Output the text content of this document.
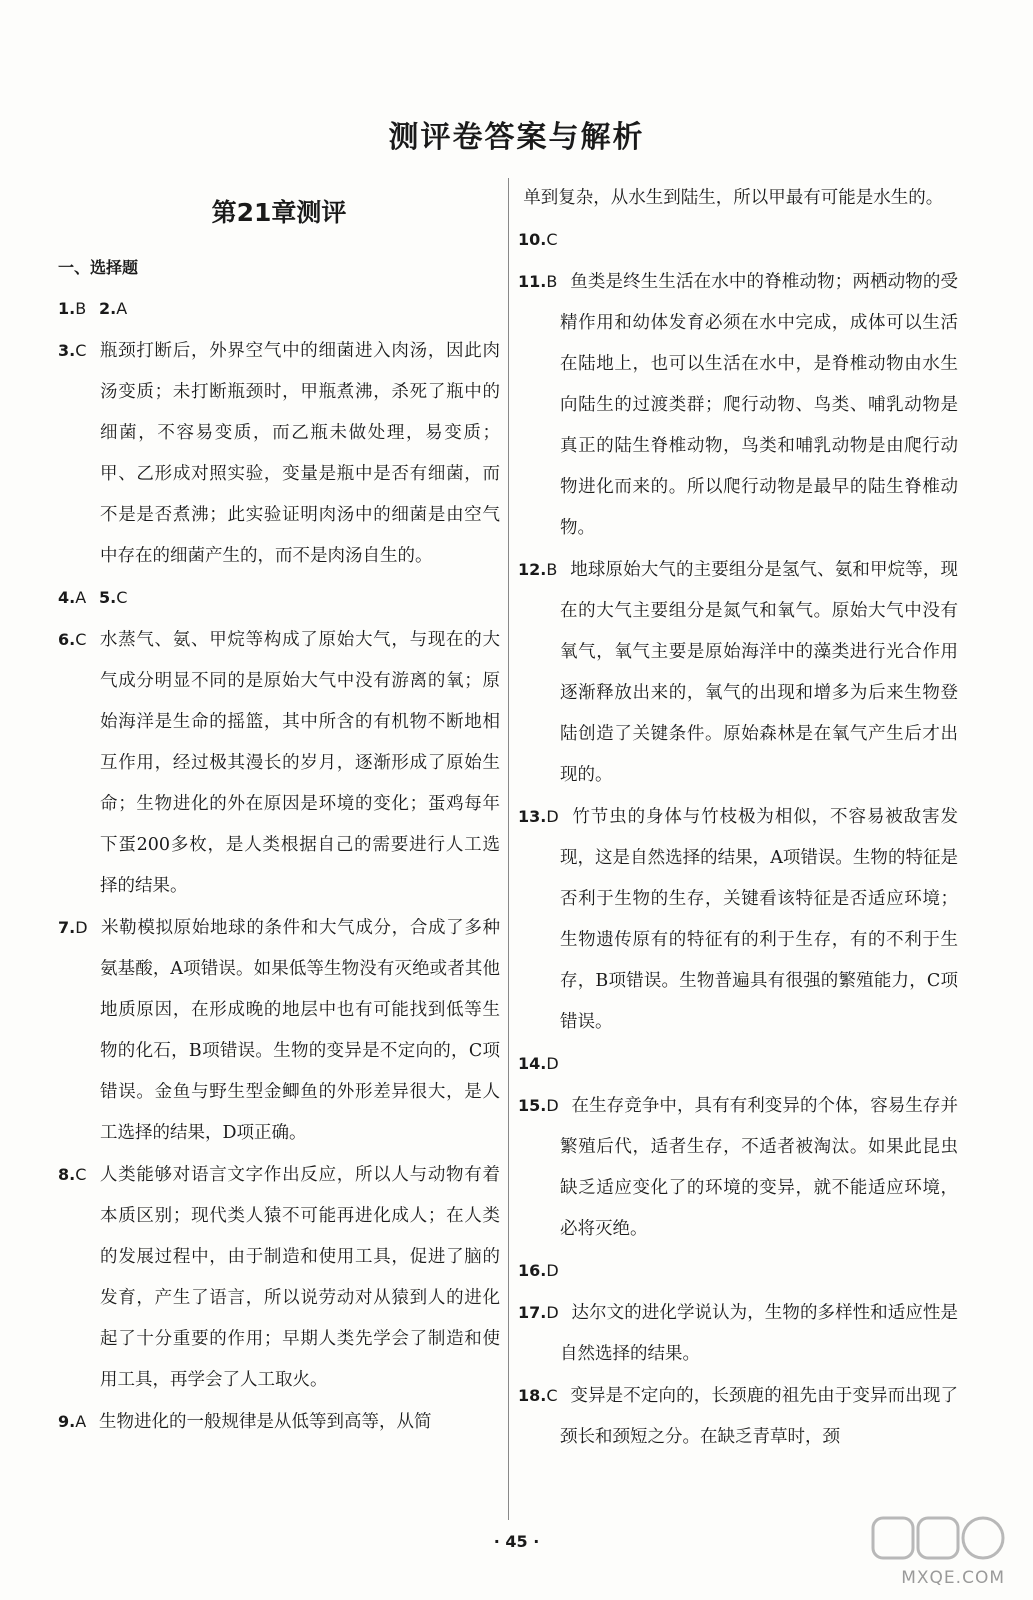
测评卷答案与解析
第21章测评
一、选择题
1.B 2.A
3.C 瓶颈打断后，外界空气中的细菌进入肉汤，因此肉汤变质；未打断瓶颈时，甲瓶煮沸，杀死了瓶中的细菌，不容易变质，而乙瓶未做处理，易变质；甲、乙形成对照实验，变量是瓶中是否有细菌，而不是是否煮沸；此实验证明肉汤中的细菌是由空气中存在的细菌产生的，而不是肉汤自生的。
4.A 5.C
6.C 水蒸气、氨、甲烷等构成了原始大气，与现在的大气成分明显不同的是原始大气中没有游离的氧；原始海洋是生命的摇篮，其中所含的有机物不断地相互作用，经过极其漫长的岁月，逐渐形成了原始生命；生物进化的外在原因是环境的变化；蛋鸡每年下蛋200多枚，是人类根据自己的需要进行人工选择的结果。
7.D 米勒模拟原始地球的条件和大气成分，合成了多种氨基酸，A项错误。如果低等生物没有灭绝或者其他地质原因，在形成晚的地层中也有可能找到低等生物的化石，B项错误。生物的变异是不定向的，C项错误。金鱼与野生型金鲫鱼的外形差异很大，是人工选择的结果，D项正确。
8.C 人类能够对语言文字作出反应，所以人与动物有着本质区别；现代类人猿不可能再进化成人；在人类的发展过程中，由于制造和使用工具，促进了脑的发育，产生了语言，所以说劳动对从猿到人的进化起了十分重要的作用；早期人类先学会了制造和使用工具，再学会了人工取火。
9.A 生物进化的一般规律是从低等到高等，从简
单到复杂，从水生到陆生，所以甲最有可能是水生的。
10.C
11.B 鱼类是终生生活在水中的脊椎动物；两栖动物的受精作用和幼体发育必须在水中完成，成体可以生活在陆地上，也可以生活在水中，是脊椎动物由水生向陆生的过渡类群；爬行动物、鸟类、哺乳动物是真正的陆生脊椎动物，鸟类和哺乳动物是由爬行动物进化而来的。所以爬行动物是最早的陆生脊椎动物。
12.B 地球原始大气的主要组分是氢气、氨和甲烷等，现在的大气主要组分是氮气和氧气。原始大气中没有氧气，氧气主要是原始海洋中的藻类进行光合作用逐渐释放出来的，氧气的出现和增多为后来生物登陆创造了关键条件。原始森林是在氧气产生后才出现的。
13.D 竹节虫的身体与竹枝极为相似，不容易被敌害发现，这是自然选择的结果，A项错误。生物的特征是否利于生物的生存，关键看该特征是否适应环境；生物遗传原有的特征有的利于生存，有的不利于生存，B项错误。生物普遍具有很强的繁殖能力，C项错误。
14.D
15.D 在生存竞争中，具有有利变异的个体，容易生存并繁殖后代，适者生存，不适者被淘汰。如果此昆虫缺乏适应变化了的环境的变异，就不能适应环境，必将灭绝。
16.D
17.D 达尔文的进化学说认为，生物的多样性和适应性是自然选择的结果。
18.C 变异是不定向的，长颈鹿的祖先由于变异而出现了颈长和颈短之分。在缺乏青草时，颈
· 45 ·
MXQE.COM
